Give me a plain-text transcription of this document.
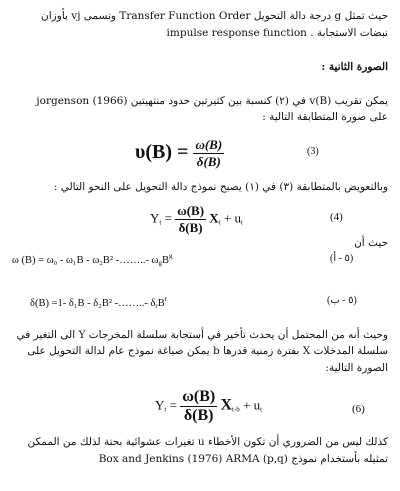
حيث تمثل g درجة دالة التحويل Transfer Function Order وتسمى vj بأوزان
نبضات الاستجابة . impulse response function
الصورة الثانية :
يمكن تقريب v(B) في (٢) كنسبة بين كثيرتين حدود منتهيتين jorgenson (1966)
على صورة المتطابقة التالية :
$\upsilon(B) = \frac{\omega(B)}{\delta(B)}$	(3)
وبالتعويض بالمتطابقة (٣) في (١) يصبح نموذج دالة التحويل على النحو التالي :
$Y_t = \frac{\omega(B)}{\delta(B)} X_t + u_t$	(4)
حيث أن
ω (B) = ω₀ - ω₁B - ω₂B² -……..- $\omega_gB^g$	(٥ - أ)
δ(B) =1- δ₁B - δ₂B² -……..- $\delta_rB^r$	(٥ - ب)
وحيث أنه من المحتمل أن يحدث تأخير في أستجابة سلسلة المخرجات Y الى التغير في
سلسلة المدخلات X بفترة زمنية قدرها b يمكن صياغة نموذج عام لدالة التحويل على
الصورة التالية:
$Y_t = \frac{\omega(B)}{\delta(B)} X_{t-b} + u_t$	(6)
كذلك ليس من الضروري أن تكون الأخطاء u تغيرات عشوائية بحتة لذلك من الممكن
تمثيله بأستخدام نموذج Box and Jenkins (1976) ARMA (p,q)
